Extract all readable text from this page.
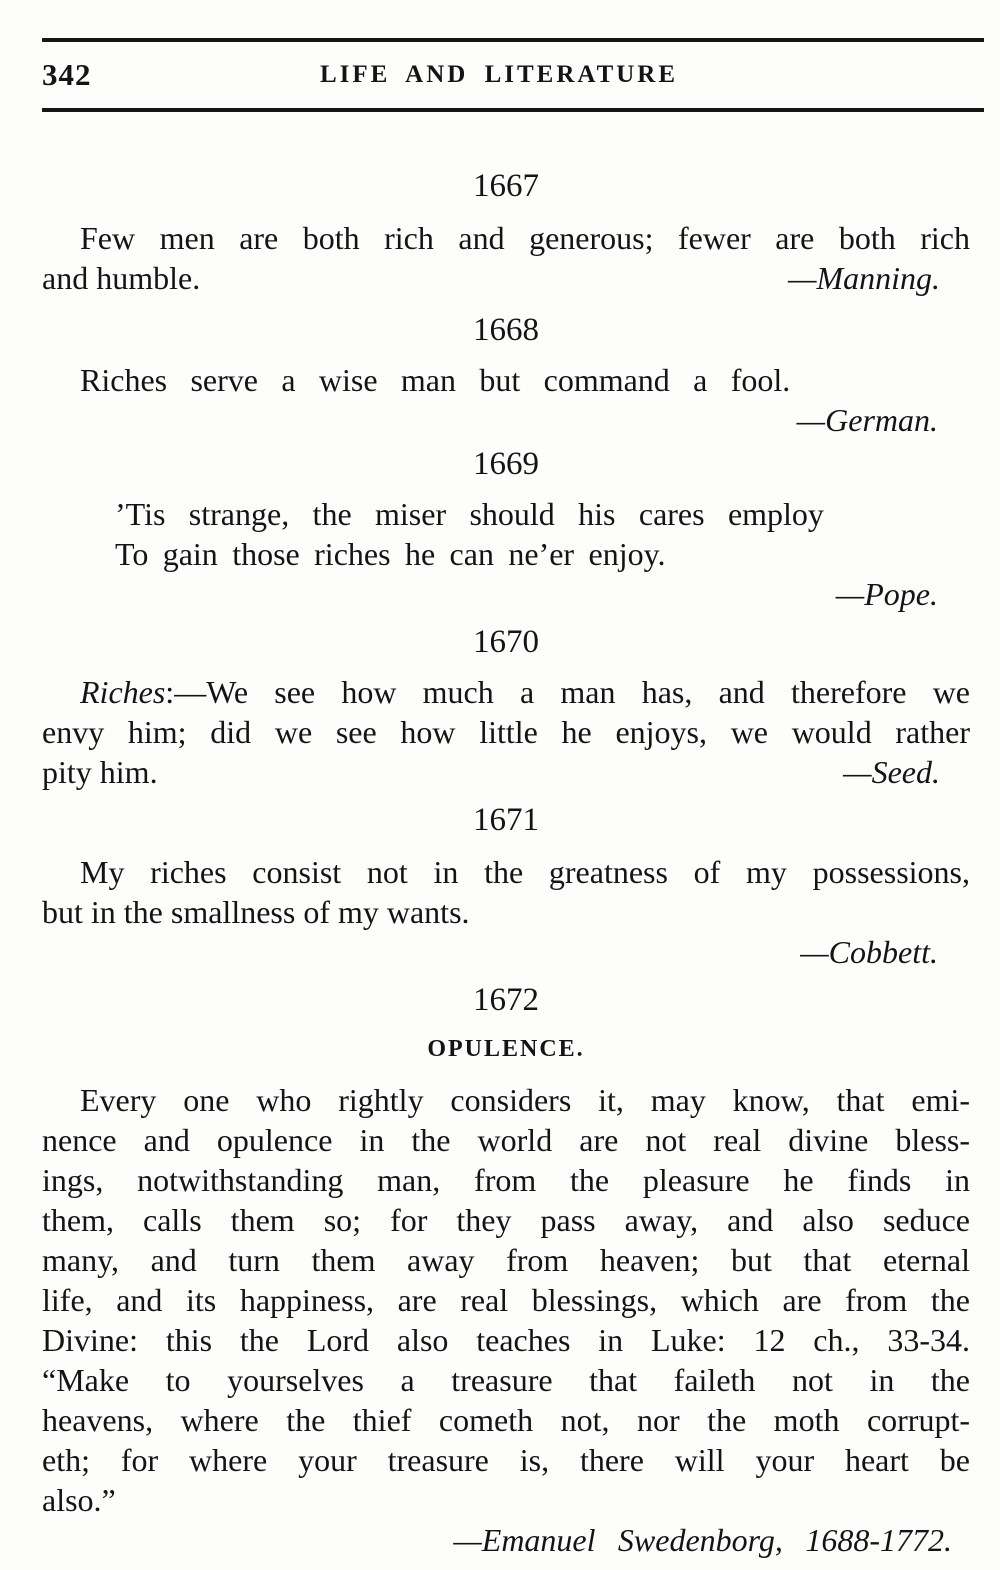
342	LIFE AND LITERATURE
1667
Few men are both rich and generous; fewer are both rich
and humble.	—Manning.
1668
Riches serve a wise man but command a fool.
—German.
1669
’Tis strange, the miser should his cares employ
To gain those riches he can ne’er enjoy.
—Pope.
1670
Riches:—We see how much a man has, and therefore we
envy him; did we see how little he enjoys, we would rather
pity him.	—Seed.
1671
My riches consist not in the greatness of my possessions,
but in the smallness of my wants.
—Cobbett.
1672
OPULENCE.
Every one who rightly considers it, may know, that emi-
nence and opulence in the world are not real divine bless-
ings, notwithstanding man, from the pleasure he finds in
them, calls them so; for they pass away, and also seduce
many, and turn them away from heaven; but that eternal
life, and its happiness, are real blessings, which are from the
Divine: this the Lord also teaches in Luke: 12 ch., 33-34.
“Make to yourselves a treasure that faileth not in the
heavens, where the thief cometh not, nor the moth corrupt-
eth; for where your treasure is, there will your heart be
also.”
—Emanuel Swedenborg, 1688-1772.
